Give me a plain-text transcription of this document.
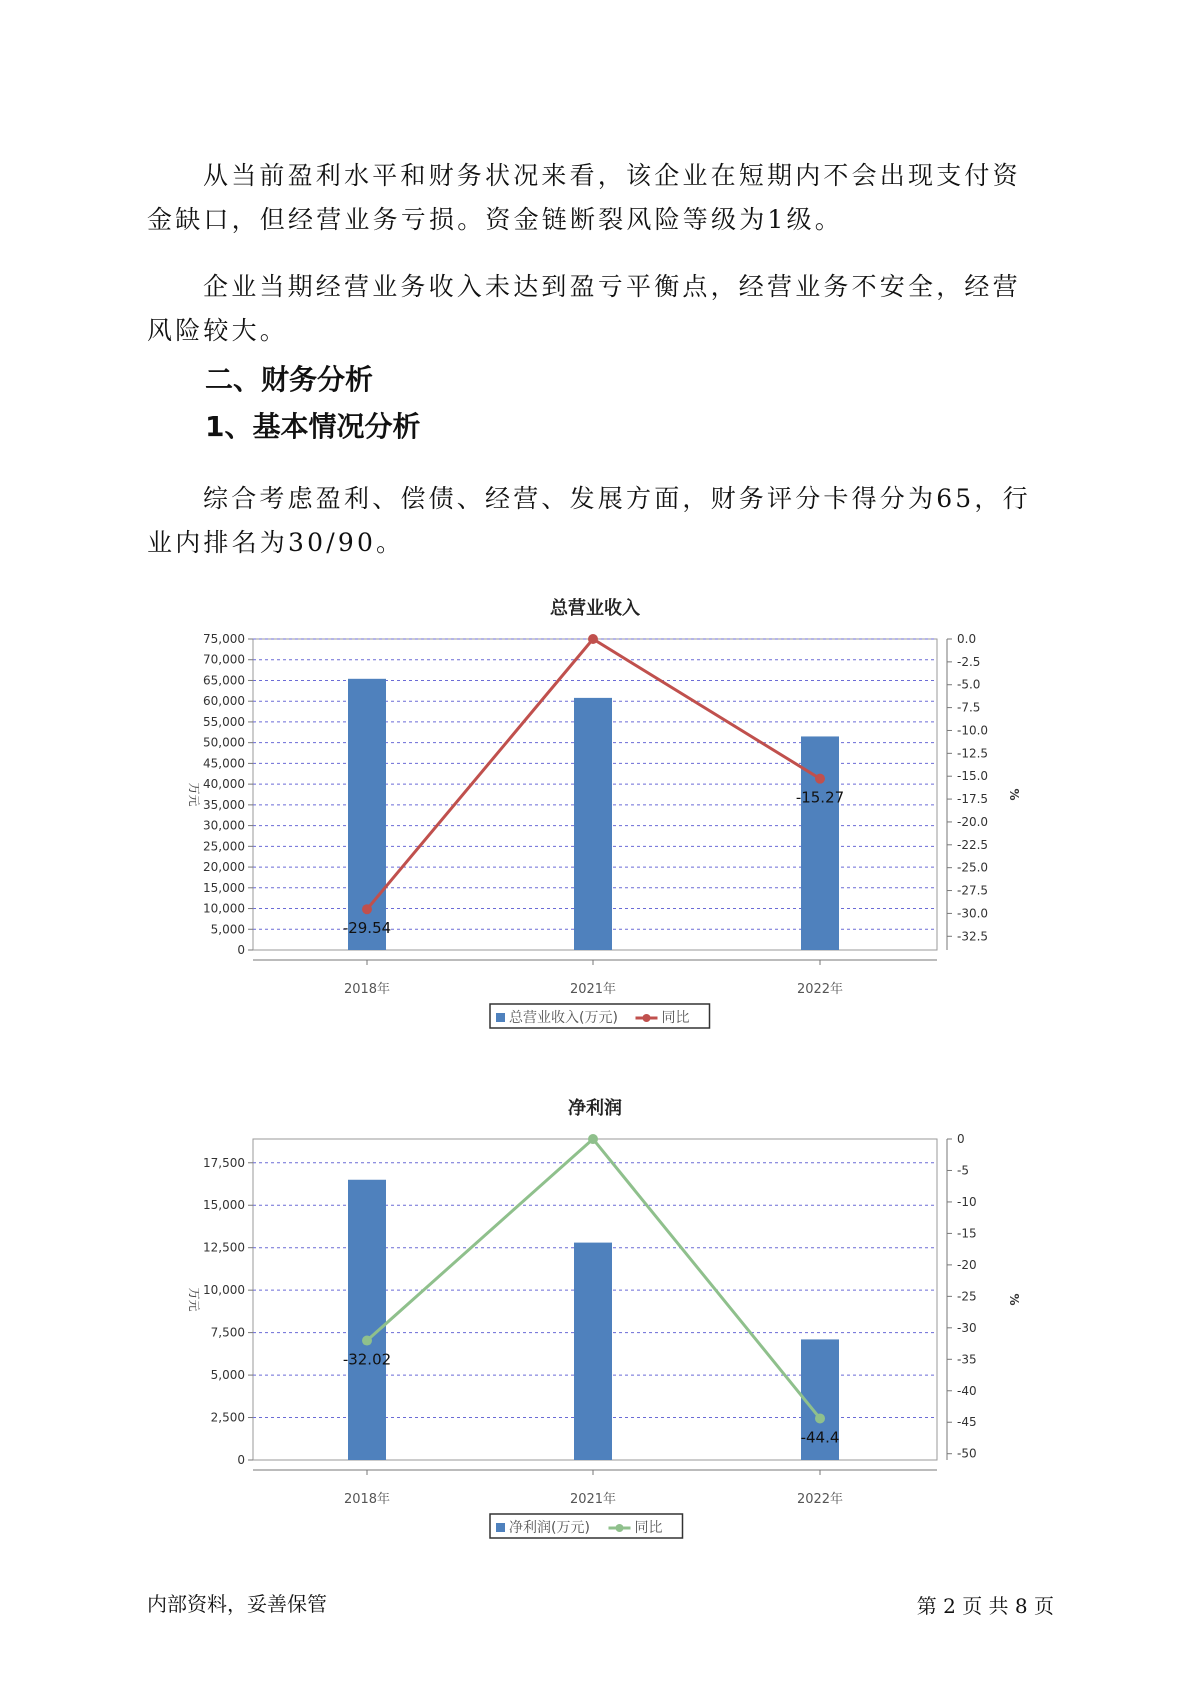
从当前盈利水平和财务状况来看，该企业在短期内不会出现支付资金缺口，但经营业务亏损。资金链断裂风险等级为1级。

企业当期经营业务收入未达到盈亏平衡点，经营业务不安全，经营风险较大。

二、财务分析
1、基本情况分析

综合考虑盈利、偿债、经营、发展方面，财务评分卡得分为65，行业内排名为30/90。

总营业收入
0
5,000
10,000
15,000
20,000
25,000
30,000
35,000
40,000
45,000
50,000
55,000
60,000
65,000
70,000
75,000	0.0
-2.5
-5.0
-7.5
-10.0
-12.5
-15.0
-17.5
-20.0
-22.5
-25.0
-27.5
-30.0
-32.5
万元	%
2018年	2021年	2022年
-29.54
-15.27
总营业收入(万元)	同比
净利润
0
2,500
5,000
7,500
10,000
12,500
15,000
17,500
0
-5
-10
-15
-20
-25
-30
-35
-40
-45
-50
万元	%
2018年	2021年	2022年
-32.02
-44.4
净利润(万元)	同比
内部资料，妥善保管	第 2 页 共 8 页
